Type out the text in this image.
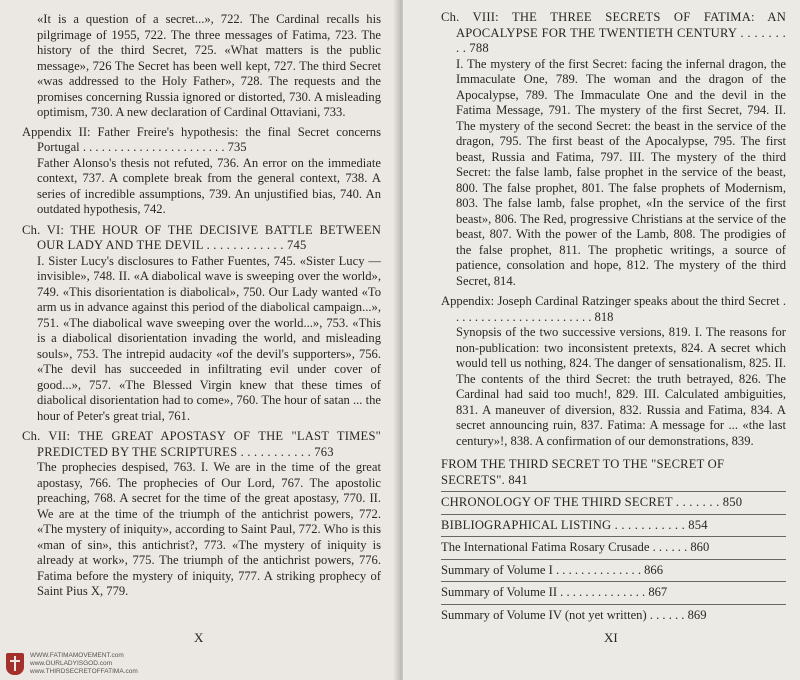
«It is a question of a secret...», 722. The Cardinal recalls his pilgrimage of 1955, 722. The three messages of Fatima, 723. The history of the third Secret, 725. «What matters is the public message», 726 The Secret has been well kept, 727. The third Secret «was addressed to the Holy Father», 728. The requests and the promises concerning Russia ignored or distorted, 730. A misleading optimism, 730. A new declaration of Cardinal Ottaviani, 733.

Appendix II: Father Freire's hypothesis: the final Secret concerns Portugal . . . . . . . . . . . . . . . . . . . . . . . 735

Father Alonso's thesis not refuted, 736. An error on the immediate context, 737. A complete break from the general context, 738. A series of incredible assumptions, 739. An unjustified bias, 740. An outdated hypothesis, 742.

Ch. VI: THE HOUR OF THE DECISIVE BATTLE BETWEEN OUR LADY AND THE DEVIL . . . . . . . . . . . . 745

I. Sister Lucy's disclosures to Father Fuentes, 745. «Sister Lucy — invisible», 748. II. «A diabolical wave is sweeping over the world», 749. «This disorientation is diabolical», 750. Our Lady wanted «To arm us in advance against this period of the diabolical campaign...», 751. «The diabolical wave sweeping over the world...», 753. «This is a diabolical disorientation invading the world, and misleading souls», 753. The intrepid audacity «of the devil's supporters», 756. «The devil has succeeded in infiltrating evil under cover of good...», 757. «The Blessed Virgin knew that these times of diabolical disorientation had to come», 760. The hour of satan ... the hour of Peter's great trial, 761.

Ch. VII: THE GREAT APOSTASY OF THE "LAST TIMES" PREDICTED BY THE SCRIPTURES . . . . . . . . . . . 763

The prophecies despised, 763. I. We are in the time of the great apostasy, 766. The prophecies of Our Lord, 767. The apostolic preaching, 768. A secret for the time of the great apostasy, 770. II. We are at the time of the triumph of the antichrist powers, 772. «The mystery of iniquity», according to Saint Paul, 772. Who is this «man of sin», this antichrist?, 773. «The mystery of iniquity is already at work», 775. The triumph of the antichrist powers, 776. Fatima before the mystery of iniquity, 777. A striking prophecy of Saint Pius X, 779.

Ch. VIII: THE THREE SECRETS OF FATIMA: AN APOCALYPSE FOR THE TWENTIETH CENTURY . . . . . . . . . 788

I. The mystery of the first Secret: facing the infernal dragon, the Immaculate One, 789. The woman and the dragon of the Apocalypse, 789. The Immaculate One and the devil in the Fatima Message, 791. The mystery of the first Secret, 794. II. The mystery of the second Secret: the beast in the service of the dragon, 795. The first beast of the Apocalypse, 795. The first beast, Russia and Fatima, 797. III. The mystery of the third Secret: the false lamb, false prophet in the service of the beast, 800. The false prophet, 801. The false prophets of Modernism, 803. The false lamb, false prophet, «In the service of the first beast», 806. The Red, progressive Christians at the service of the beast, 807. With the power of the Lamb, 808. The prodigies of the false prophet, 811. The prophetic writings, a source of patience, consolation and hope, 812. The mystery of the third Secret, 814.

Appendix: Joseph Cardinal Ratzinger speaks about the third Secret . . . . . . . . . . . . . . . . . . . . . . . 818

Synopsis of the two successive versions, 819. I. The reasons for non-publication: two inconsistent pretexts, 824. A secret which would tell us nothing, 824. The danger of sensationalism, 825. II. The contents of the third Secret: the truth betrayed, 826. The Cardinal had said too much!, 829. III. Calculated ambiguities, 831. A maneuver of diversion, 832. Russia and Fatima, 834. A secret announcing ruin, 837. Fatima: A message for ... «the last century»!, 838. A confirmation of our demonstrations, 839.

FROM THE THIRD SECRET TO THE "SECRET OF SECRETS". 841

CHRONOLOGY OF THE THIRD SECRET . . . . . . . 850

BIBLIOGRAPHICAL LISTING . . . . . . . . . . . 854

The International Fatima Rosary Crusade . . . . . . 860

Summary of Volume I . . . . . . . . . . . . . . 866

Summary of Volume II . . . . . . . . . . . . . . 867

Summary of Volume IV (not yet written) . . . . . . 869

X	XI
WWW.FATIMAMOVEMENT.com
www.OURLADYISGOD.com
www.THIRDSECRETOFFATIMA.com
